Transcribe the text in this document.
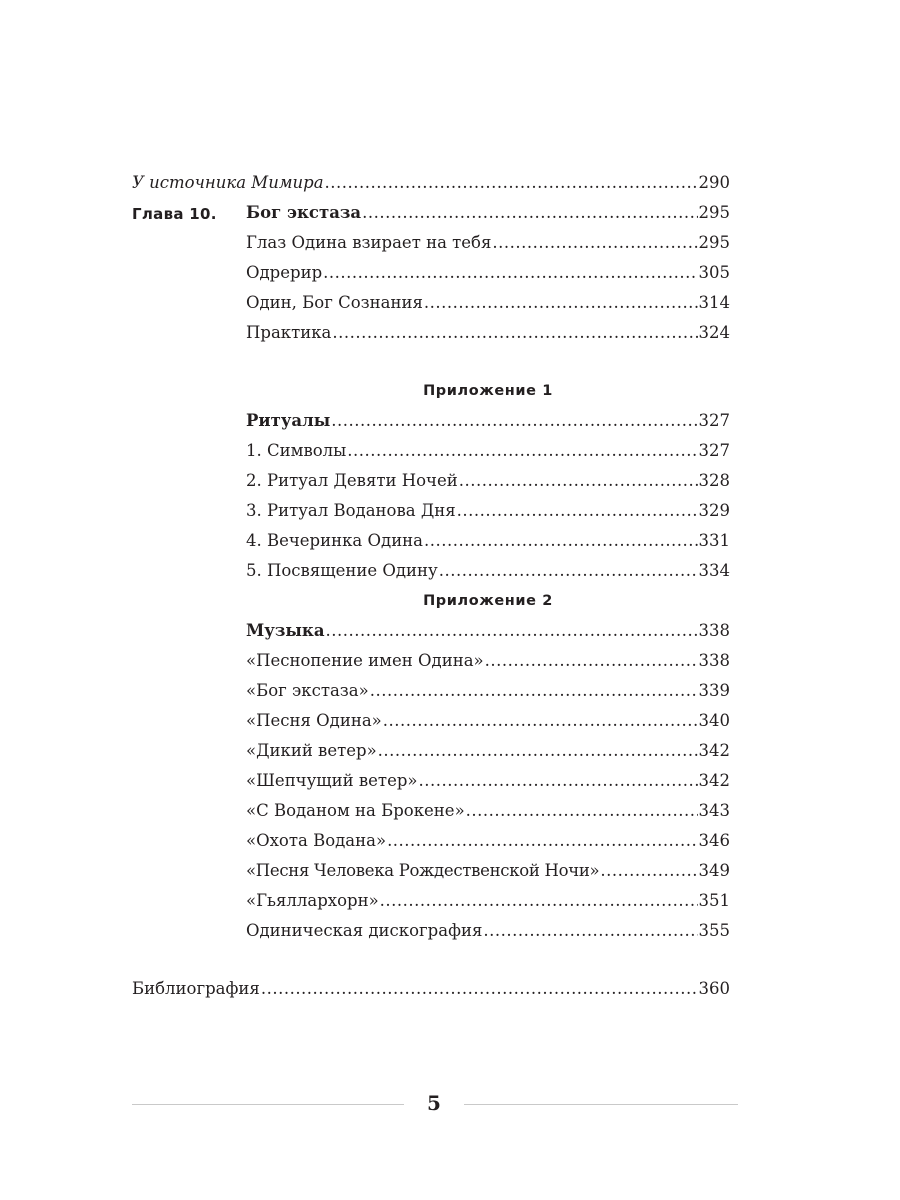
У источника Мимира .....	290
Глава 10. Бог экстаза .....	295
Глаз Одина взирает на тебя .....	295
Одрерир .....	305
Один, Бог Сознания .....	314
Практика .....	324
Приложение 1
Ритуалы .....	327
1. Символы .....	327
2. Ритуал Девяти Ночей .....	328
3. Ритуал Воданова Дня .....	329
4. Вечеринка Одина .....	331
5. Посвящение Одину .....	334
Приложение 2
Музыка .....	338
«Песнопение имен Одина» .....	338
«Бог экстаза» .....	339
«Песня Одина» .....	340
«Дикий ветер» .....	342
«Шепчущий ветер» .....	342
«С Воданом на Брокене» .....	343
«Охота Водана» .....	346
«Песня Человека Рождественской Ночи» .....	349
«Гьяллархорн» .....	351
Одиническая дискография .....	355
Библиография .....	360
5
